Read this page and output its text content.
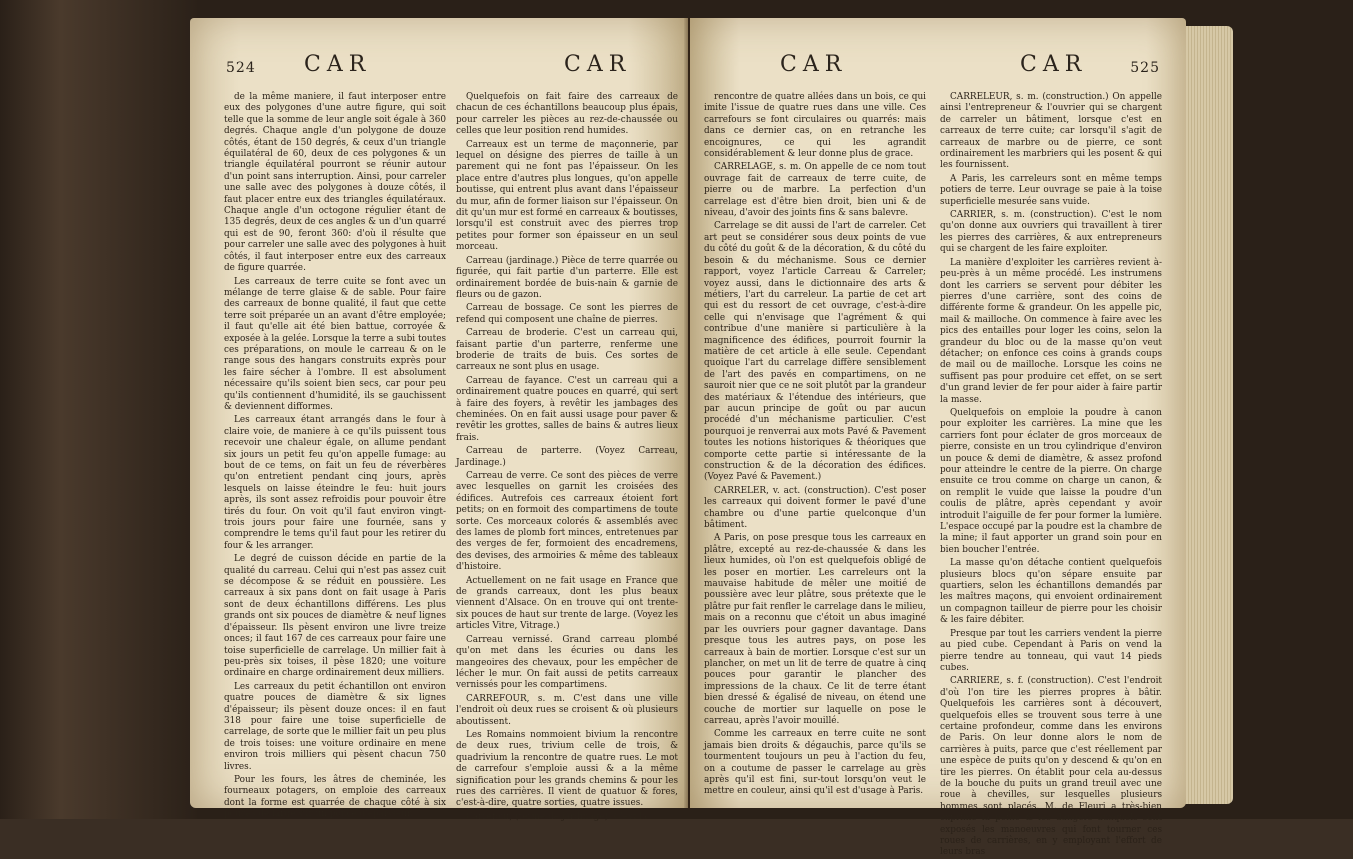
524 CAR	CAR

de la même maniere, il faut interposer entre eux des polygones d'une autre figure, qui soit telle que la somme de leur angle soit égale à 360 degrés. Chaque angle d'un polygone de douze côtés, étant de 150 degrés, & ceux d'un triangle équilatéral de 60, deux de ces polygones & un triangle équilatéral pourront se réunir autour d'un point sans interruption. Ainsi, pour carreler une salle avec des polygones à douze côtés, il faut placer entre eux des triangles équilatéraux. Chaque angle d'un octogone régulier étant de 135 degrés, deux de ces angles & un d'un quarré qui est de 90, feront 360: d'où il résulte que pour carreler une salle avec des polygones à huit côtés, il faut interposer entre eux des carreaux de figure quarrée.

Les carreaux de terre cuite se font avec un mélange de terre glaise & de sable. Pour faire des carreaux de bonne qualité, il faut que cette terre soit préparée un an avant d'être employée; il faut qu'elle ait été bien battue, corroyée & exposée à la gelée. Lorsque la terre a subi toutes ces préparations, on moule le carreau & on le range sous des hangars construits exprès pour les faire sécher à l'ombre. Il est absolument nécessaire qu'ils soient bien secs, car pour peu qu'ils contiennent d'humidité, ils se gauchissent & deviennent difformes.

Les carreaux étant arrangés dans le four à claire voie, de maniere à ce qu'ils puissent tous recevoir une chaleur égale, on allume pendant six jours un petit feu qu'on appelle fumage: au bout de ce tems, on fait un feu de réverbères qu'on entretient pendant cinq jours, après lesquels on laisse éteindre le feu: huit jours après, ils sont assez refroidis pour pouvoir être tirés du four. On voit qu'il faut environ vingt-trois jours pour faire une fournée, sans y comprendre le tems qu'il faut pour les retirer du four & les arranger.

Le degré de cuisson décide en partie de la qualité du carreau. Celui qui n'est pas assez cuit se décompose & se réduit en poussière. Les carreaux à six pans dont on fait usage à Paris sont de deux échantillons différens. Les plus grands ont six pouces de diamètre & neuf lignes d'épaisseur. Ils pèsent environ une livre treize onces; il faut 167 de ces carreaux pour faire une toise superficielle de carrelage. Un millier fait à peu-près six toises, il pèse 1820; une voiture ordinaire en charge ordinairement deux milliers.

Les carreaux du petit échantillon ont environ quatre pouces de diamètre & six lignes d'épaisseur; ils pèsent douze onces: il en faut 318 pour faire une toise superficielle de carrelage, de sorte que le millier fait un peu plus de trois toises: une voiture ordinaire en mene environ trois milliers qui pèsent chacun 750 livres.

Pour les fours, les âtres de cheminée, les fourneaux potagers, on emploie des carreaux dont la forme est quarrée de chaque côté à six pouces de large sur un pouce d'épaisseur.

Quelquefois on fait faire des carreaux de chacun de ces échantillons beaucoup plus épais, pour carreler les pièces au rez-de-chaussée ou celles que leur position rend humides.

Carreaux est un terme de maçonnerie, par lequel on désigne des pierres de taille à un parement qui ne font pas l'épaisseur. On les place entre d'autres plus longues, qu'on appelle boutisse, qui entrent plus avant dans l'épaisseur du mur, afin de former liaison sur l'épaisseur. On dit qu'un mur est formé en carreaux & boutisses, lorsqu'il est construit avec des pierres trop petites pour former son épaisseur en un seul morceau.

Carreau (jardinage.) Pièce de terre quarrée ou figurée, qui fait partie d'un parterre. Elle est ordinairement bordée de buis-nain & garnie de fleurs ou de gazon.

Carreau de bossage. Ce sont les pierres de refend qui composent une chaîne de pierres.

Carreau de broderie. C'est un carreau qui, faisant partie d'un parterre, renferme une broderie de traits de buis. Ces sortes de carreaux ne sont plus en usage.

Carreau de fayance. C'est un carreau qui a ordinairement quatre pouces en quarré, qui sert à faire des foyers, à revêtir les jambages des cheminées. On en fait aussi usage pour paver & revêtir les grottes, salles de bains & autres lieux frais.

Carreau de parterre. (Voyez Carreau, Jardinage.)

Carreau de verre. Ce sont des pièces de verre avec lesquelles on garnit les croisées des édifices. Autrefois ces carreaux étoient fort petits; on en formoit des compartimens de toute sorte. Ces morceaux colorés & assemblés avec des lames de plomb fort minces, entretenues par des verges de fer, formoient des encadremens, des devises, des armoiries & même des tableaux d'histoire.

Actuellement on ne fait usage en France que de grands carreaux, dont les plus beaux viennent d'Alsace. On en trouve qui ont trente-six pouces de haut sur trente de large. (Voyez les articles Vitre, Vitrage.)

Carreau vernissé. Grand carreau plombé qu'on met dans les écuries ou dans les mangeoires des chevaux, pour les empêcher de lécher le mur. On fait aussi de petits carreaux vernissés pour les compartimens.

CARREFOUR, s. m. C'est dans une ville l'endroit où deux rues se croisent & où plusieurs aboutissent.

Les Romains nommoient bivium la rencontre de deux rues, trivium celle de trois, & quadrivium la rencontre de quatre rues. Le mot de carrefour s'emploie aussi & a la même signification pour les grands chemins & pour les rues des carrières. Il vient de quatuor & fores, c'est-à-dire, quatre sorties, quatre issues.

Carrefour, (terme de jardinage). C'est la

CAR	CAR	525

rencontre de quatre allées dans un bois, ce qui imite l'issue de quatre rues dans une ville. Ces carrefours se font circulaires ou quarrés: mais dans ce dernier cas, on en retranche les encoignures, ce qui les agrandit considérablement & leur donne plus de grace.

CARRELAGE, s. m. On appelle de ce nom tout ouvrage fait de carreaux de terre cuite, de pierre ou de marbre. La perfection d'un carrelage est d'être bien droit, bien uni & de niveau, d'avoir des joints fins & sans balevre.

Carrelage se dit aussi de l'art de carreler. Cet art peut se considérer sous deux points de vue du côté du goût & de la décoration, & du côté du besoin & du méchanisme. Sous ce dernier rapport, voyez l'article Carreau & Carreler; voyez aussi, dans le dictionnaire des arts & métiers, l'art du carreleur. La partie de cet art qui est du ressort de cet ouvrage, c'est-à-dire celle qui n'envisage que l'agrément & qui contribue d'une manière si particulière à la magnificence des édifices, pourroit fournir la matière de cet article à elle seule. Cependant quoique l'art du carrelage diffère sensiblement de l'art des pavés en compartimens, on ne sauroit nier que ce ne soit plutôt par la grandeur des matériaux & l'étendue des intérieurs, que par aucun principe de goût ou par aucun procédé d'un méchanisme particulier. C'est pourquoi je renverrai aux mots Pavé & Pavement toutes les notions historiques & théoriques que comporte cette partie si intéressante de la construction & de la décoration des édifices. (Voyez Pavé & Pavement.)

CARRELER, v. act. (construction). C'est poser les carreaux qui doivent former le pavé d'une chambre ou d'une partie quelconque d'un bâtiment.

A Paris, on pose presque tous les carreaux en plâtre, excepté au rez-de-chaussée & dans les lieux humides, où l'on est quelquefois obligé de les poser en mortier. Les carreleurs ont la mauvaise habitude de mêler une moitié de poussière avec leur plâtre, sous prétexte que le plâtre pur fait renfler le carrelage dans le milieu, mais on a reconnu que c'étoit un abus imaginé par les ouvriers pour gagner davantage. Dans presque tous les autres pays, on pose les carreaux à bain de mortier. Lorsque c'est sur un plancher, on met un lit de terre de quatre à cinq pouces pour garantir le plancher des impressions de la chaux. Ce lit de terre étant bien dressé & égalisé de niveau, on étend une couche de mortier sur laquelle on pose le carreau, après l'avoir mouillé.

Comme les carreaux en terre cuite ne sont jamais bien droits & dégauchis, parce qu'ils se tourmentent toujours un peu à l'action du feu, on a coutume de passer le carrelage au grès après qu'il est fini, sur-tout lorsqu'on veut le mettre en couleur, ainsi qu'il est d'usage à Paris.

CARRELEUR, s. m. (construction.) On appelle ainsi l'entrepreneur & l'ouvrier qui se chargent de carreler un bâtiment, lorsque c'est en carreaux de terre cuite; car lorsqu'il s'agit de carreaux de marbre ou de pierre, ce sont ordinairement les marbriers qui les posent & qui les fournissent.

A Paris, les carreleurs sont en même temps potiers de terre. Leur ouvrage se paie à la toise superficielle mesurée sans vuide.

CARRIER, s. m. (construction). C'est le nom qu'on donne aux ouvriers qui travaillent à tirer les pierres des carrières, & aux entrepreneurs qui se chargent de les faire exploiter.

La manière d'exploiter les carrières revient à-peu-près à un même procédé. Les instrumens dont les carriers se servent pour débiter les pierres d'une carrière, sont des coins de différente forme & grandeur. On les appelle pic, mail & mailloche. On commence à faire avec les pics des entailles pour loger les coins, selon la grandeur du bloc ou de la masse qu'on veut détacher; on enfonce ces coins à grands coups de mail ou de mailloche. Lorsque les coins ne suffisent pas pour produire cet effet, on se sert d'un grand levier de fer pour aider à faire partir la masse.

Quelquefois on emploie la poudre à canon pour exploiter les carrières. La mine que les carriers font pour éclater de gros morceaux de pierre, consiste en un trou cylindrique d'environ un pouce & demi de diamètre, & assez profond pour atteindre le centre de la pierre. On charge ensuite ce trou comme on charge un canon, & on remplit le vuide que laisse la poudre d'un coulis de plâtre, après cependant y avoir introduit l'aiguille de fer pour former la lumière. L'espace occupé par la poudre est la chambre de la mine; il faut apporter un grand soin pour en bien boucher l'entrée.

La masse qu'on détache contient quelquefois plusieurs blocs qu'on sépare ensuite par quartiers, selon les échantillons demandés par les maîtres maçons, qui envoient ordinairement un compagnon tailleur de pierre pour les choisir & les faire débiter.

Presque par tout les carriers vendent la pierre au pied cube. Cependant à Paris on vend la pierre tendre au tonneau, qui vaut 14 pieds cubes.

CARRIERE, s. f. (construction). C'est l'endroit d'où l'on tire les pierres propres à bâtir. Quelquefois les carrières sont à découvert, quelquefois elles se trouvent sous terre à une certaine profondeur, comme dans les environs de Paris. On leur donne alors le nom de carrières à puits, parce que c'est réellement par une espèce de puits qu'on y descend & qu'on en tire les pierres. On établit pour cela au-dessus de la bouche du puits un grand treuil avec une roue à chevilles, sur lesquelles plusieurs hommes sont placés. M. de Fleuri a très-bien exprimé la peine & les dangers auxquels sont exposés les manoeuvres qui font tourner ces roues de carrières, en y employant l'effort de leurs bras
